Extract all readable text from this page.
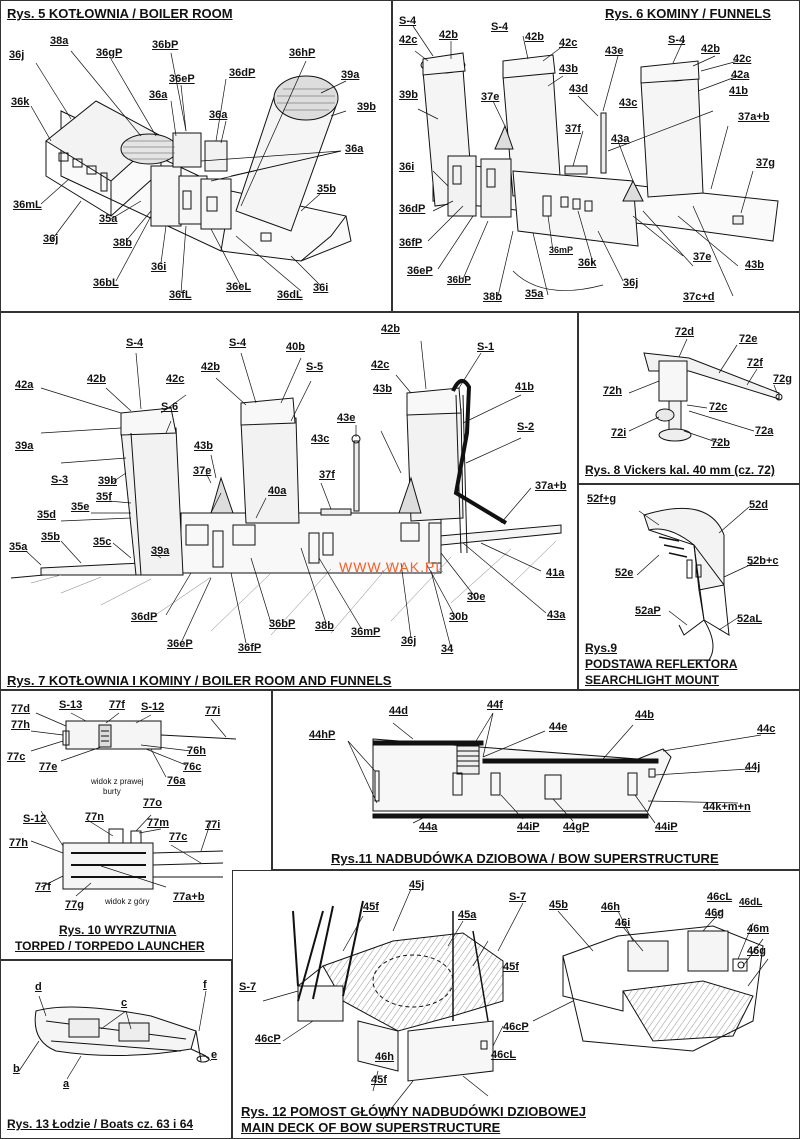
Rys. 5 KOTŁOWNIA / BOILER ROOM
36j
38a
36gP
36bP
36hP
39a
36k
36eP	36dP
36a
36a
39b
36a
35b
36mL
35a
36j	38b
36i
36bL
36fL
36eL
36dL
36i
Rys. 6 KOMINY / FUNNELS
S-4
42b
S-4
42b	S-4
42b
42c	42c
43e
42c
43b	42a
39b	43d	41b
37e	43c
37a+b
37f
43a
36i	37g
36dP
36fP
36mP
36k	37e
36eP
36bP	36j
43b
38b 35a	37c+d
WWW.WAK.PL
Rys. 7 KOTŁOWNIA I KOMINY / BOILER ROOM AND FUNNELS
S-4
42b
S-4	S-1
40b
42b
42a
42b
42c
S-5	42c
41b
S-6
43b
39a
43e
S-2
43b
43c
S-3	39b
37e	37f
37a+b
35f	40a
35e
35d
35b	35c
39a
35a
41a
30e
36dP
36bP 38b 36mP
30b	43a
36eP	36fP
36j
34
Rys. 8 Vickers kal. 40 mm (cz. 72)
72d
72e
72f
72g
72h
72c
72i
72b
72a
52f+g	52d
52b+c
52e
52aP
52aL
Rys.9
PODSTAWA REFLEKTORA
SEARCHLIGHT MOUNT
77d	S-13 77f S-12	77i
77h
77c
77e
76h
76c
76a
widok z prawej
burty
77o
S-12	77n	77m	77i
77h	77c
77f
77a+b
77g	widok z góry
Rys. 10 WYRZUTNIA
TORPED / TORPEDO LAUNCHER
44d	44f
44b
44e
44hP	44c
44j
44k+m+n
44a	44iP 44gP	44iP
Rys.11 NADBUDÓWKA DZIOBOWA / BOW SUPERSTRUCTURE
45j
S-7
45a
45f
46cL 46dL
46h	46g
45b
46i	46m
46g
45f
S-7
46cP
46cP
46h	46cL
45f
Rys. 12 POMOST GŁÓWNY NADBUDÓWKI DZIOBOWEJ
MAIN DECK OF BOW SUPERSTRUCTURE
d
c
f
e
b
a
Rys. 13 Łodzie / Boats cz. 63 i 64
